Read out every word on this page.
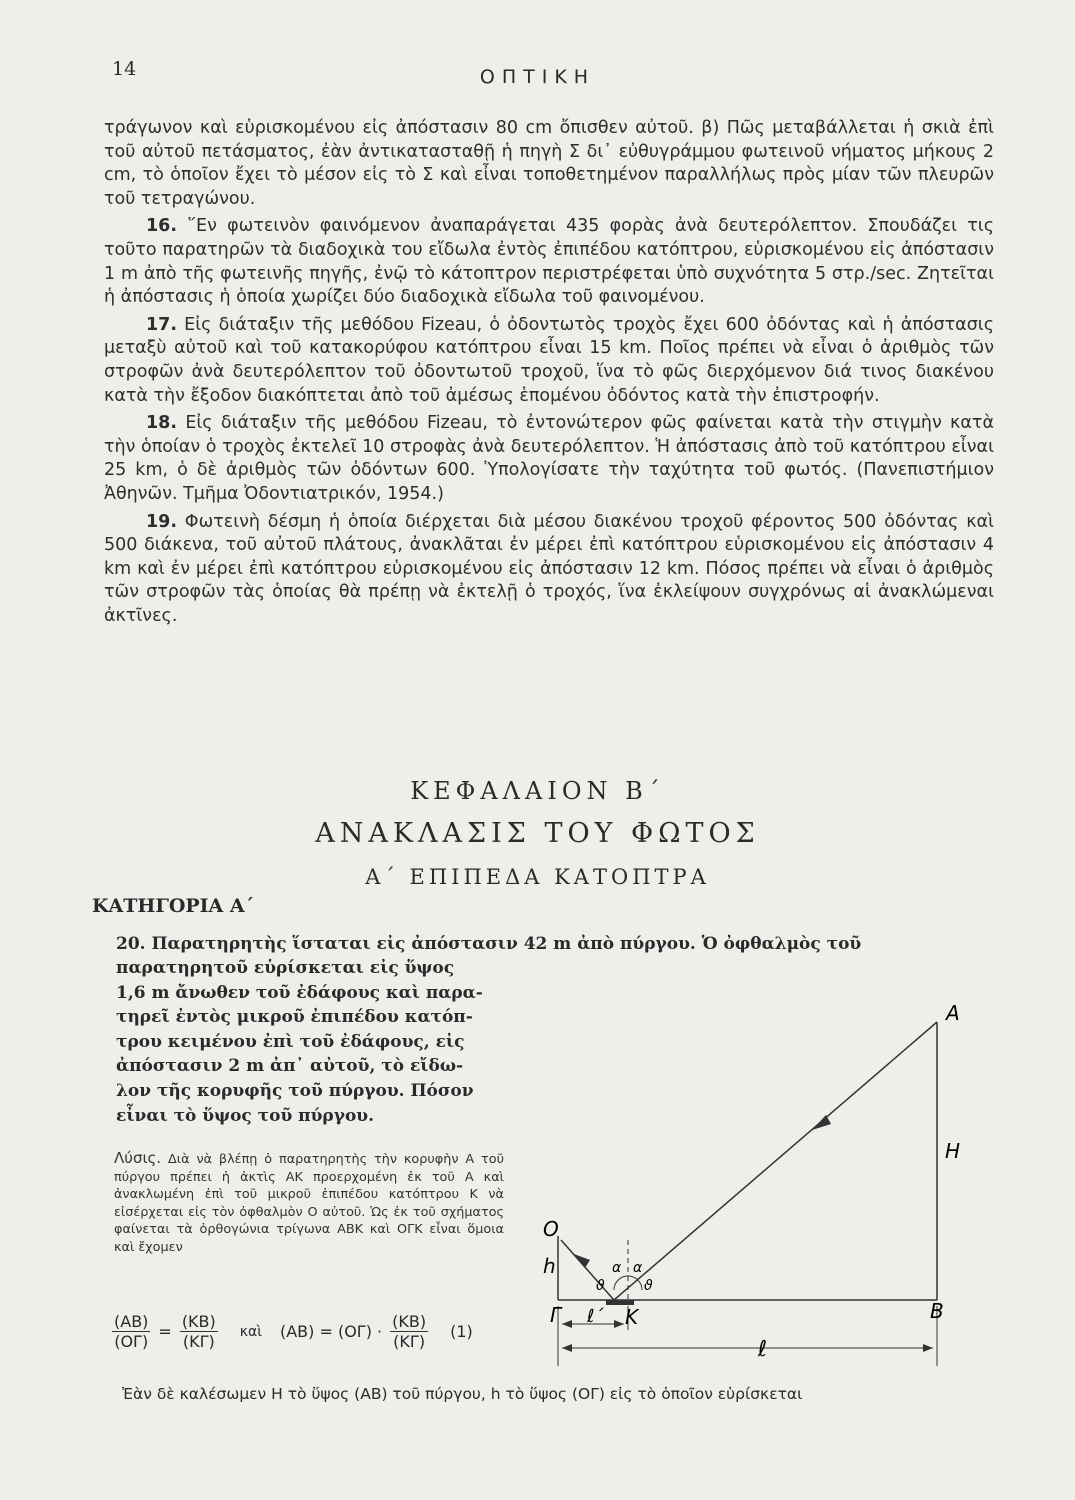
14	ΟΠΤΙΚΗ

τράγωνον καὶ εὑρισκομένου εἰς ἀπόστασιν 80 cm ὄπισθεν αὐτοῦ. β) Πῶς μεταβάλλεται ἡ σκιὰ ἐπὶ τοῦ αὐτοῦ πετάσματος, ἐὰν ἀντικατασταθῇ ἡ πηγὴ Σ δι᾽ εὐθυγράμμου φωτεινοῦ νήματος μήκους 2 cm, τὸ ὁποῖον ἔχει τὸ μέσον εἰς τὸ Σ καὶ εἶναι τοποθετημένον παραλλήλως πρὸς μίαν τῶν πλευρῶν τοῦ τετραγώνου.

16. ῞Εν φωτεινὸν φαινόμενον ἀναπαράγεται 435 φορὰς ἀνὰ δευτερόλεπτον. Σπουδάζει τις τοῦτο παρατηρῶν τὰ διαδοχικὰ του εἴδωλα ἐντὸς ἐπιπέδου κατόπτρου, εὑρισκομένου εἰς ἀπόστασιν 1 m ἀπὸ τῆς φωτεινῆς πηγῆς, ἐνῷ τὸ κάτοπτρον περιστρέφεται ὑπὸ συχνότητα 5 στρ./sec. Ζητεῖται ἡ ἀπόστασις ἡ ὁποία χωρίζει δύο διαδοχικὰ εἴδωλα τοῦ φαινομένου.

17. Εἰς διάταξιν τῆς μεθόδου Fizeau, ὁ ὀδοντωτὸς τροχὸς ἔχει 600 ὀδόντας καὶ ἡ ἀπόστασις μεταξὺ αὐτοῦ καὶ τοῦ κατακορύφου κατόπτρου εἶναι 15 km. Ποῖος πρέπει νὰ εἶναι ὁ ἀριθμὸς τῶν στροφῶν ἀνὰ δευτερόλεπτον τοῦ ὀδοντωτοῦ τροχοῦ, ἵνα τὸ φῶς διερχόμενον διά τινος διακένου κατὰ τὴν ἔξοδον διακόπτεται ἀπὸ τοῦ ἀμέσως ἑπομένου ὀδόντος κατὰ τὴν ἐπιστροφήν.

18. Εἰς διάταξιν τῆς μεθόδου Fizeau, τὸ ἐντονώτερον φῶς φαίνεται κατὰ τὴν στιγμὴν κατὰ τὴν ὁποίαν ὁ τροχὸς ἐκτελεῖ 10 στροφὰς ἀνὰ δευτερόλεπτον. Ἡ ἀπόστασις ἀπὸ τοῦ κατόπτρου εἶναι 25 km, ὁ δὲ ἀριθμὸς τῶν ὀδόντων 600. Ὑπολογίσατε τὴν ταχύτητα τοῦ φωτός. (Πανεπιστήμιον Ἀθηνῶν. Τμῆμα Ὀδοντιατρικόν, 1954.)

19. Φωτεινὴ δέσμη ἡ ὁποία διέρχεται διὰ μέσου διακένου τροχοῦ φέροντος 500 ὀδόντας καὶ 500 διάκενα, τοῦ αὐτοῦ πλάτους, ἀνακλᾶται ἐν μέρει ἐπὶ κατόπτρου εὑρισκομένου εἰς ἀπόστασιν 4 km καὶ ἐν μέρει ἐπὶ κατόπτρου εὑρισκομένου εἰς ἀπόστασιν 12 km. Πόσος πρέπει νὰ εἶναι ὁ ἀριθμὸς τῶν στροφῶν τὰς ὁποίας θὰ πρέπῃ νὰ ἐκτελῇ ὁ τροχός, ἵνα ἐκλείψουν συγχρόνως αἱ ἀνακλώμεναι ἀκτῖνες.

ΚΕΦΑΛΑΙΟΝ Β΄
ΑΝΑΚΛΑΣΙΣ ΤΟΥ ΦΩΤΟΣ
Α΄ ΕΠΙΠΕΔΑ ΚΑΤΟΠΤΡΑ
ΚΑΤΗΓΟΡΙΑ Α΄
20. Παρατηρητὴς ἵσταται εἰς ἀπόστασιν 42 m ἀπὸ πύργου. Ὁ ὀφθαλμὸς τοῦ
παρατηρητοῦ εὑρίσκεται εἰς ὕψος
1,6 m ἄνωθεν τοῦ ἐδάφους καὶ παρα-
τηρεῖ ἐντὸς μικροῦ ἐπιπέδου κατόπ-
τρου κειμένου ἐπὶ τοῦ ἐδάφους, εἰς
ἀπόστασιν 2 m ἀπ᾽ αὐτοῦ, τὸ εἴδω-
λον τῆς κορυφῆς τοῦ πύργου. Πόσον
εἶναι τὸ ὕψος τοῦ πύργου.
Λύσις. Διὰ νὰ βλέπῃ ὁ παρατηρητὴς τὴν κορυφὴν Α τοῦ πύργου πρέπει ἡ ἀκτὶς ΑΚ προερχομένη ἐκ τοῦ Α καὶ ἀνακλωμένη ἐπὶ τοῦ μικροῦ ἐπιπέδου κατόπτρου Κ νὰ εἰσέρχεται εἰς τὸν ὀφθαλμὸν Ο αὐτοῦ. Ὡς ἐκ τοῦ σχήματος φαίνεται τὰ ὀρθογώνια τρίγωνα ΑΒΚ καὶ ΟΓΚ εἶναι ὅμοια καὶ ἔχομεν
$\frac{(AB)}{(O\Gamma)} = \frac{(KB)}{(K\Gamma)}$ καὶ $(AB) = (O\Gamma) \cdot \frac{(KB)}{(K\Gamma)} (1)$
Ἐὰν δὲ καλέσωμεν Η τὸ ὕψος (ΑΒ) τοῦ πύργου, h τὸ ὕψος (ΟΓ) εἰς τὸ ὁποῖον εὑρίσκεται
A
H
O
h
Γ	K	B
ℓ΄
ℓ
α α
ϑ	ϑ
